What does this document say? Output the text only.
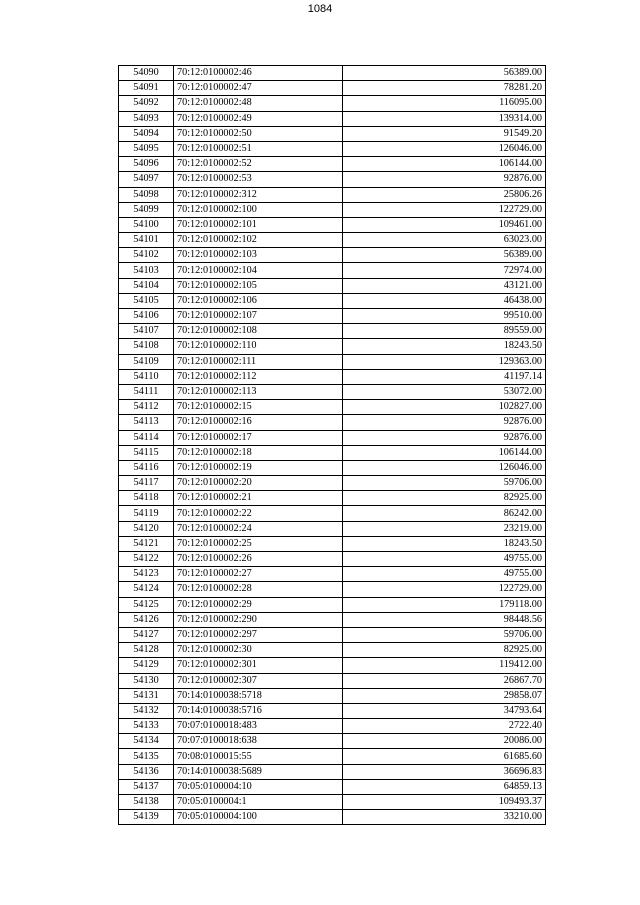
1084
54090	70:12:0100002:46	56389.00
54091	70:12:0100002:47	78281.20
54092	70:12:0100002:48	116095.00
54093	70:12:0100002:49	139314.00
54094	70:12:0100002:50	91549.20
54095	70:12:0100002:51	126046.00
54096	70:12:0100002:52	106144.00
54097	70:12:0100002:53	92876.00
54098	70:12:0100002:312	25806.26
54099	70:12:0100002:100	122729.00
54100	70:12:0100002:101	109461.00
54101	70:12:0100002:102	63023.00
54102	70:12:0100002:103	56389.00
54103	70:12:0100002:104	72974.00
54104	70:12:0100002:105	43121.00
54105	70:12:0100002:106	46438.00
54106	70:12:0100002:107	99510.00
54107	70:12:0100002:108	89559.00
54108	70:12:0100002:110	18243.50
54109	70:12:0100002:111	129363.00
54110	70:12:0100002:112	41197.14
54111	70:12:0100002:113	53072.00
54112	70:12:0100002:15	102827.00
54113	70:12:0100002:16	92876.00
54114	70:12:0100002:17	92876.00
54115	70:12:0100002:18	106144.00
54116	70:12:0100002:19	126046.00
54117	70:12:0100002:20	59706.00
54118	70:12:0100002:21	82925.00
54119	70:12:0100002:22	86242.00
54120	70:12:0100002:24	23219.00
54121	70:12:0100002:25	18243.50
54122	70:12:0100002:26	49755.00
54123	70:12:0100002:27	49755.00
54124	70:12:0100002:28	122729.00
54125	70:12:0100002:29	179118.00
54126	70:12:0100002:290	98448.56
54127	70:12:0100002:297	59706.00
54128	70:12:0100002:30	82925.00
54129	70:12:0100002:301	119412.00
54130	70:12:0100002:307	26867.70
54131	70:14:0100038:5718	29858.07
54132	70:14:0100038:5716	34793.64
54133	70:07:0100018:483	2722.40
54134	70:07:0100018:638	20086.00
54135	70:08:0100015:55	61685.60
54136	70:14:0100038:5689	36696.83
54137	70:05:0100004:10	64859.13
54138	70:05:0100004:1	109493.37
54139	70:05:0100004:100	33210.00
